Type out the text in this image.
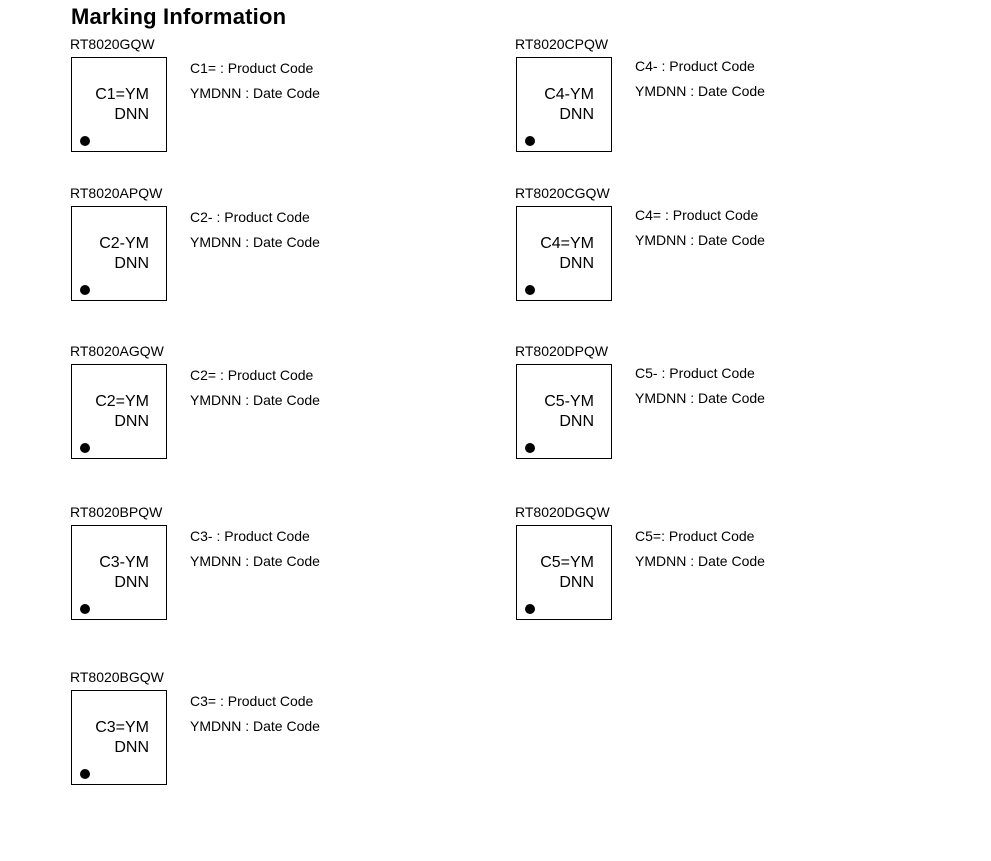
Marking Information
RT8020GQW
C1=YM
DNN
C1= : Product Code
YMDNN : Date Code
RT8020CPQW
C4-YM
DNN
C4- : Product Code
YMDNN : Date Code
RT8020APQW
C2-YM
DNN
C2- : Product Code
YMDNN : Date Code
RT8020CGQW
C4=YM
DNN
C4= : Product Code
YMDNN : Date Code
RT8020AGQW
C2=YM
DNN
C2= : Product Code
YMDNN : Date Code
RT8020DPQW
C5-YM
DNN
C5- : Product Code
YMDNN : Date Code
RT8020BPQW
C3-YM
DNN
C3- : Product Code
YMDNN : Date Code
RT8020DGQW
C5=YM
DNN
C5=: Product Code
YMDNN : Date Code
RT8020BGQW
C3=YM
DNN
C3= : Product Code
YMDNN : Date Code
